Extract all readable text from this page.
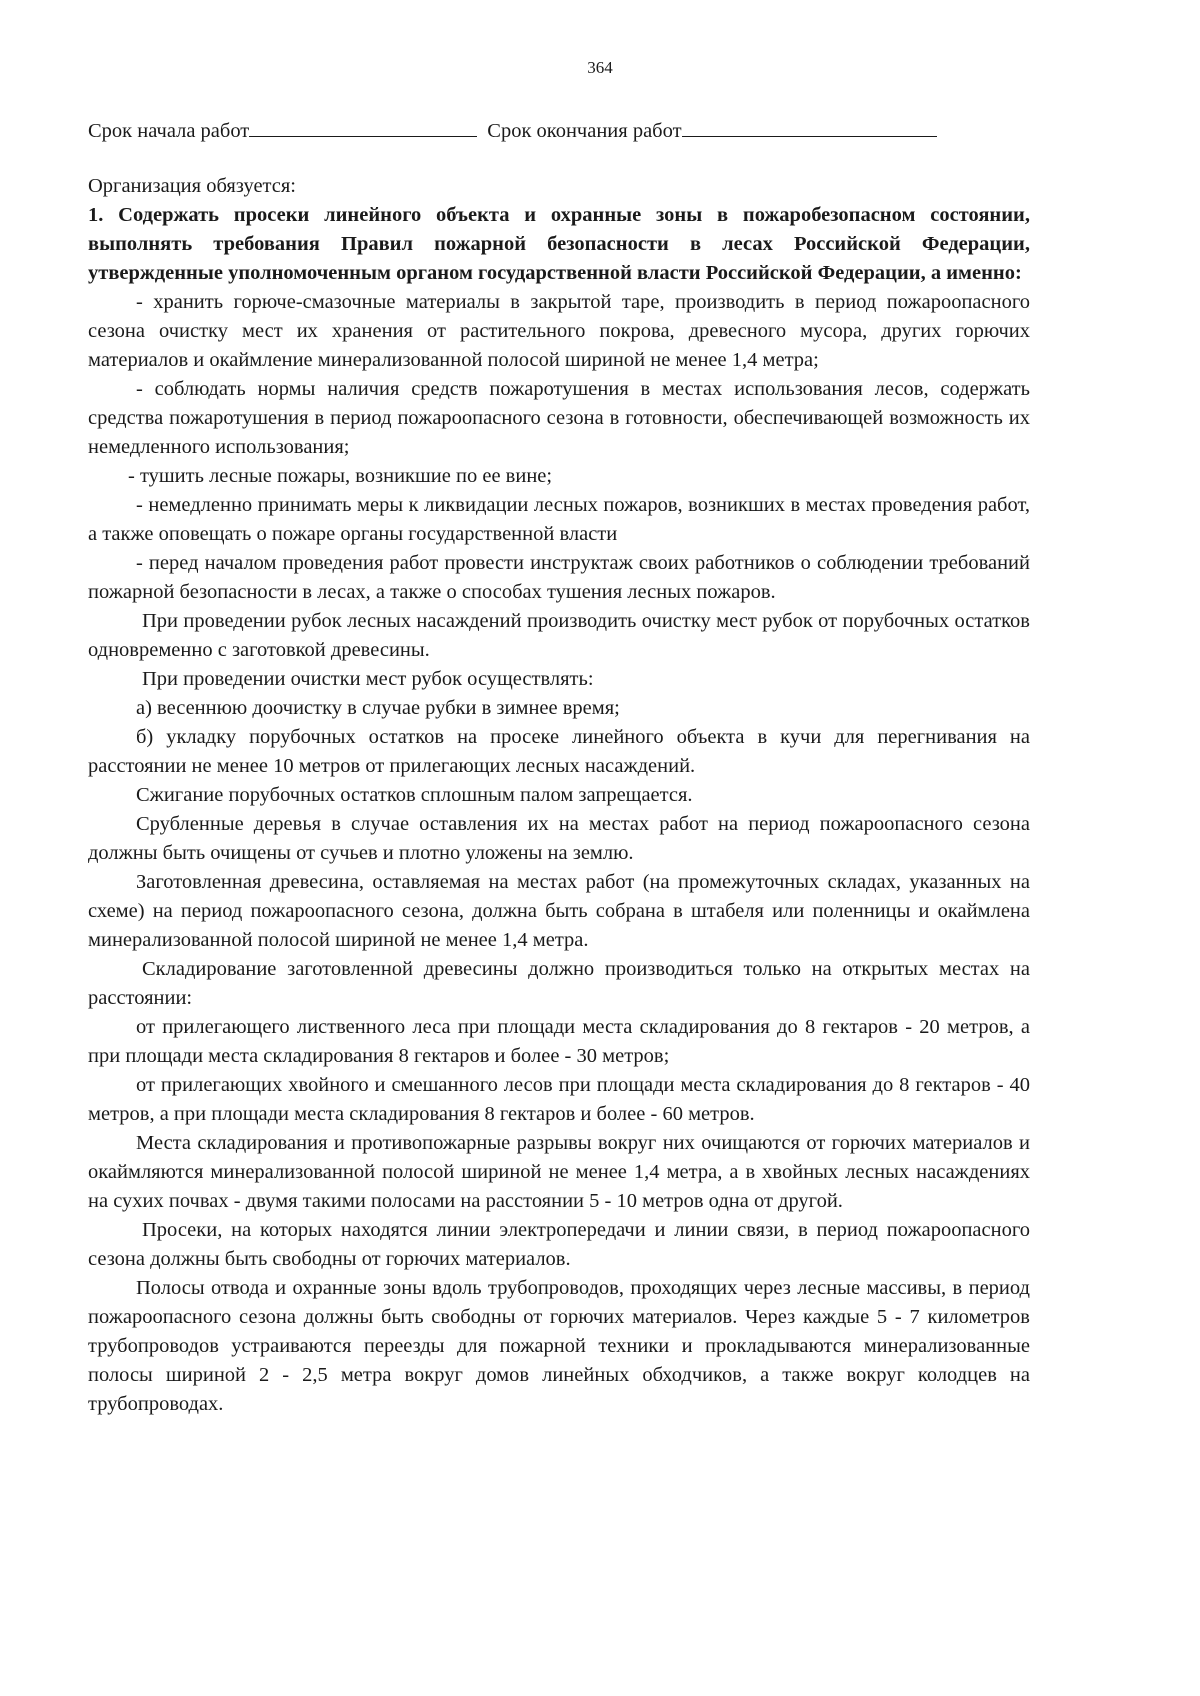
364
Срок начала работ	Срок окончания работ

Организация обязуется:

1. Содержать просеки линейного объекта и охранные зоны в пожаробезопасном состоянии, выполнять требования Правил пожарной безопасности в лесах Российской Федерации, утвержденные уполномоченным органом государственной власти Российской Федерации, а именно:

- хранить горюче-смазочные материалы в закрытой таре, производить в период пожароопасного сезона очистку мест их хранения от растительного покрова, древесного мусора, других горючих материалов и окаймление минерализованной полосой шириной не менее 1,4 метра;

- соблюдать нормы наличия средств пожаротушения в местах использования лесов, содержать средства пожаротушения в период пожароопасного сезона в готовности, обеспечивающей возможность их немедленного использования;

- тушить лесные пожары, возникшие по ее вине;

- немедленно принимать меры к ликвидации лесных пожаров, возникших в местах проведения работ, а также оповещать о пожаре органы государственной власти

- перед началом проведения работ провести инструктаж своих работников о соблюдении требований пожарной безопасности в лесах, а также о способах тушения лесных пожаров.

При проведении рубок лесных насаждений производить очистку мест рубок от порубочных остатков одновременно с заготовкой древесины.

При проведении очистки мест рубок осуществлять:

а) весеннюю доочистку в случае рубки в зимнее время;

б) укладку порубочных остатков на просеке линейного объекта в кучи для перегнивания на расстоянии не менее 10 метров от прилегающих лесных насаждений.

Сжигание порубочных остатков сплошным палом запрещается.

Срубленные деревья в случае оставления их на местах работ на период пожароопасного сезона должны быть очищены от сучьев и плотно уложены на землю.

Заготовленная древесина, оставляемая на местах работ (на промежуточных складах, указанных на схеме) на период пожароопасного сезона, должна быть собрана в штабеля или поленницы и окаймлена минерализованной полосой шириной не менее 1,4 метра.

Складирование заготовленной древесины должно производиться только на открытых местах на расстоянии:

от прилегающего лиственного леса при площади места складирования до 8 гектаров - 20 метров, а при площади места складирования 8 гектаров и более - 30 метров;

от прилегающих хвойного и смешанного лесов при площади места складирования до 8 гектаров - 40 метров, а при площади места складирования 8 гектаров и более - 60 метров.

Места складирования и противопожарные разрывы вокруг них очищаются от горючих материалов и окаймляются минерализованной полосой шириной не менее 1,4 метра, а в хвойных лесных насаждениях на сухих почвах - двумя такими полосами на расстоянии 5 - 10 метров одна от другой.

Просеки, на которых находятся линии электропередачи и линии связи, в период пожароопасного сезона должны быть свободны от горючих материалов.

Полосы отвода и охранные зоны вдоль трубопроводов, проходящих через лесные массивы, в период пожароопасного сезона должны быть свободны от горючих материалов. Через каждые 5 - 7 километров трубопроводов устраиваются переезды для пожарной техники и прокладываются минерализованные полосы шириной 2 - 2,5 метра вокруг домов линейных обходчиков, а также вокруг колодцев на трубопроводах.
